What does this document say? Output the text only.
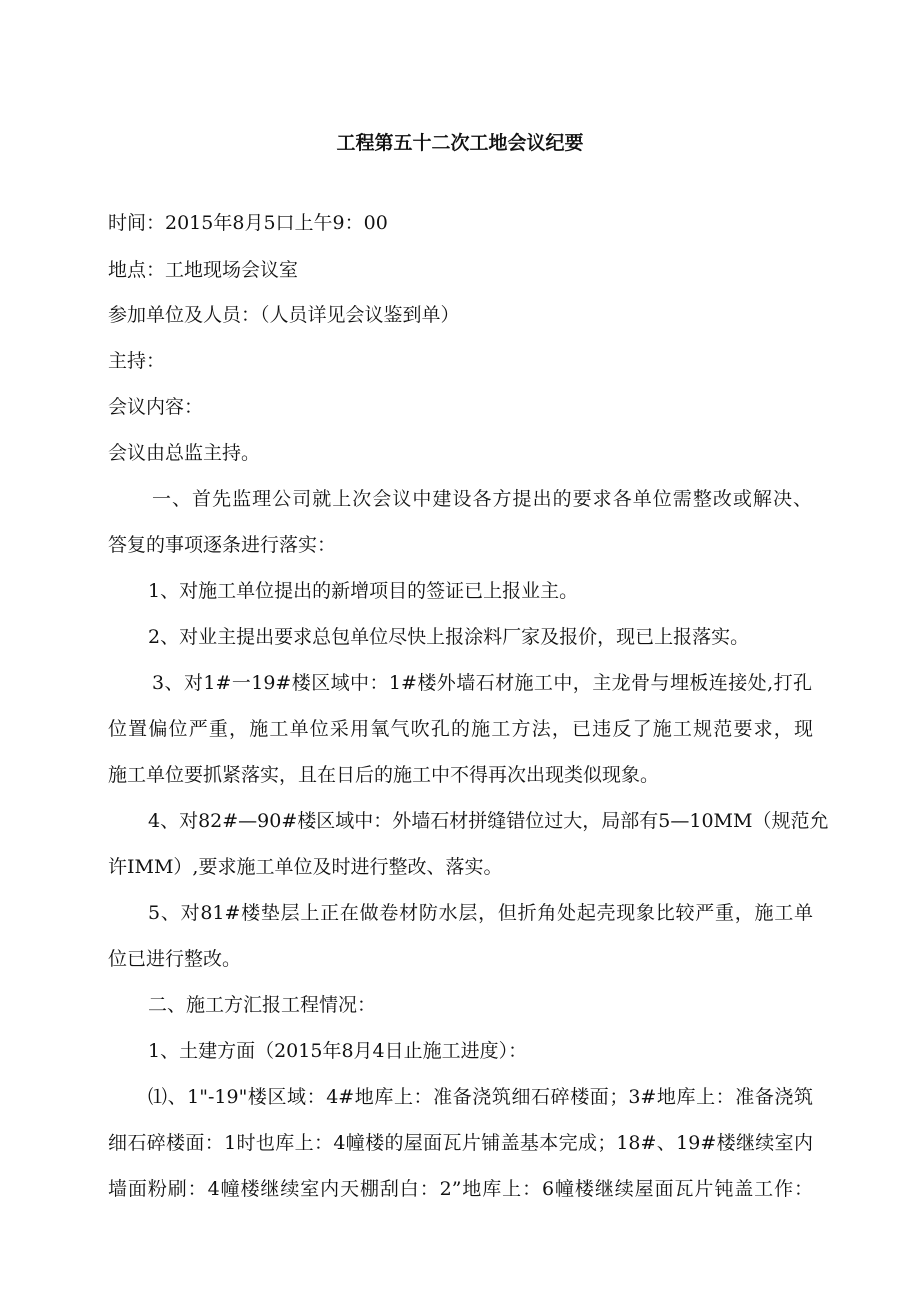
工程第五十二次工地会议纪要
时间：2015年8月5口上午9：00
地点：工地现场会议室
参加单位及人员：（人员详见会议鉴到单）
主持：
会议内容：
会议由总监主持。
一、首先监理公司就上次会议中建设各方提出的要求各单位需整改或解决、
答复的事项逐条进行落实：
1、对施工单位提出的新增项目的签证已上报业主。
2、对业主提出要求总包单位尽快上报涂料厂家及报价，现已上报落实。
3、对1#一19#楼区域中：1#楼外墙石材施工中，主龙骨与埋板连接处,打孔
位置偏位严重，施工单位采用氧气吹孔的施工方法，已违反了施工规范要求，现
施工单位要抓紧落实，且在日后的施工中不得再次出现类似现象。
4、对82#—90#楼区域中：外墙石材拼缝错位过大，局部有5—10MM（规范允
许IMM）,要求施工单位及时进行整改、落实。
5、对81#楼垫层上正在做卷材防水层，但折角处起壳现象比较严重，施工单
位已进行整改。
二、施工方汇报工程情况：
1、土建方面（2015年8月4日止施工进度）：
⑴、1"-19"楼区域：4#地库上：准备浇筑细石碎楼面；3#地库上：准备浇筑
细石碎楼面：1时也库上：4幢楼的屋面瓦片铺盖基本完成；18#、19#楼继续室内
墙面粉刷：4幢楼继续室内天棚刮白：2”地库上：6幢楼继续屋面瓦片钝盖工作：
